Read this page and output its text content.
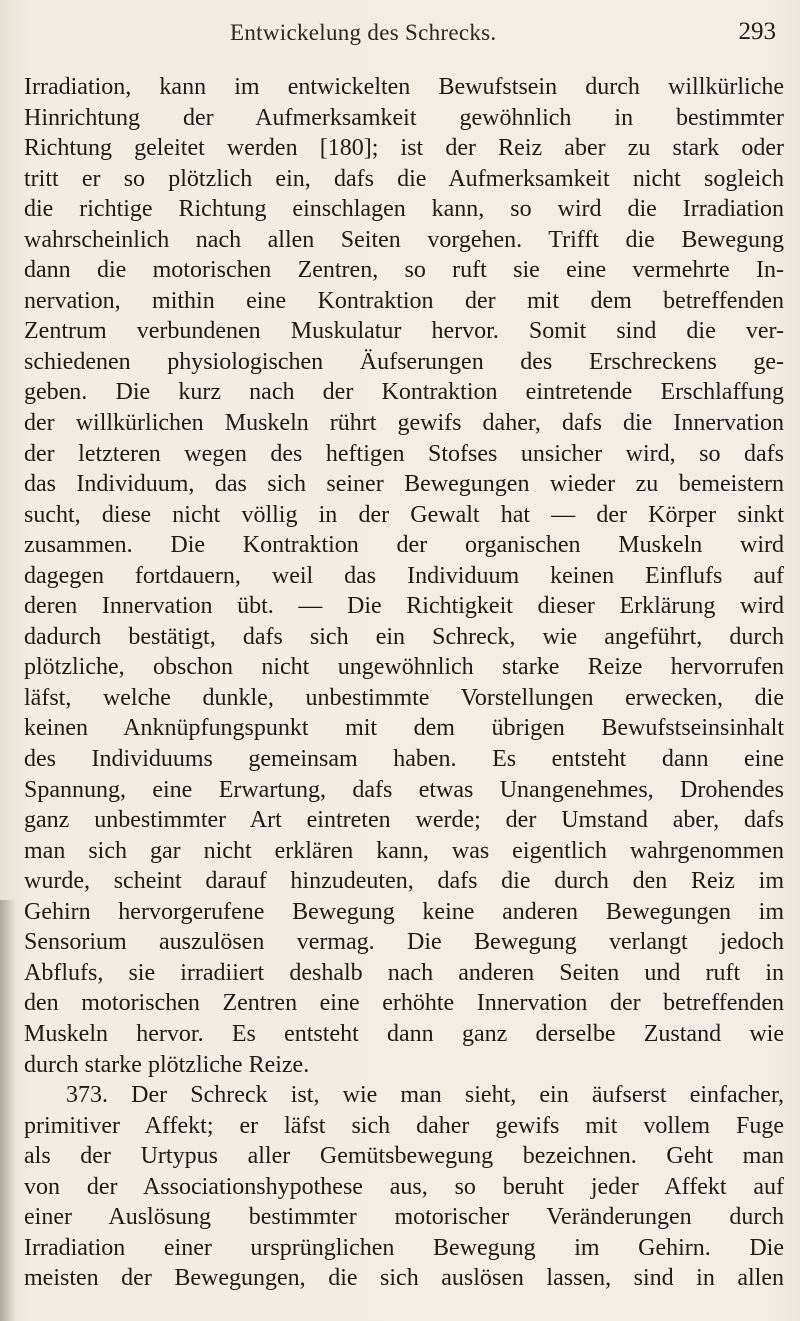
Entwickelung des Schrecks.	293
Irradiation, kann im entwickelten Bewufstsein durch willkürliche
Hinrichtung der Aufmerksamkeit gewöhnlich in bestimmter
Richtung geleitet werden [180]; ist der Reiz aber zu stark oder
tritt er so plötzlich ein, dafs die Aufmerksamkeit nicht sogleich
die richtige Richtung einschlagen kann, so wird die Irradiation
wahrscheinlich nach allen Seiten vorgehen. Trifft die Bewegung
dann die motorischen Zentren, so ruft sie eine vermehrte In-
nervation, mithin eine Kontraktion der mit dem betreffenden
Zentrum verbundenen Muskulatur hervor. Somit sind die ver-
schiedenen physiologischen Äufserungen des Erschreckens ge-
geben. Die kurz nach der Kontraktion eintretende Erschlaffung
der willkürlichen Muskeln rührt gewifs daher, dafs die Innervation
der letzteren wegen des heftigen Stofses unsicher wird, so dafs
das Individuum, das sich seiner Bewegungen wieder zu bemeistern
sucht, diese nicht völlig in der Gewalt hat — der Körper sinkt
zusammen. Die Kontraktion der organischen Muskeln wird
dagegen fortdauern, weil das Individuum keinen Einflufs auf
deren Innervation übt. — Die Richtigkeit dieser Erklärung wird
dadurch bestätigt, dafs sich ein Schreck, wie angeführt, durch
plötzliche, obschon nicht ungewöhnlich starke Reize hervorrufen
läfst, welche dunkle, unbestimmte Vorstellungen erwecken, die
keinen Anknüpfungspunkt mit dem übrigen Bewufstseinsinhalt
des Individuums gemeinsam haben. Es entsteht dann eine
Spannung, eine Erwartung, dafs etwas Unangenehmes, Drohendes
ganz unbestimmter Art eintreten werde; der Umstand aber, dafs
man sich gar nicht erklären kann, was eigentlich wahrgenommen
wurde, scheint darauf hinzudeuten, dafs die durch den Reiz im
Gehirn hervorgerufene Bewegung keine anderen Bewegungen im
Sensorium auszulösen vermag. Die Bewegung verlangt jedoch
Abflufs, sie irradiiert deshalb nach anderen Seiten und ruft in
den motorischen Zentren eine erhöhte Innervation der betreffenden
Muskeln hervor. Es entsteht dann ganz derselbe Zustand wie
durch starke plötzliche Reize.
373. Der Schreck ist, wie man sieht, ein äufserst einfacher,
primitiver Affekt; er läfst sich daher gewifs mit vollem Fuge
als der Urtypus aller Gemütsbewegung bezeichnen. Geht man
von der Associationshypothese aus, so beruht jeder Affekt auf
einer Auslösung bestimmter motorischer Veränderungen durch
Irradiation einer ursprünglichen Bewegung im Gehirn. Die
meisten der Bewegungen, die sich auslösen lassen, sind in allen
